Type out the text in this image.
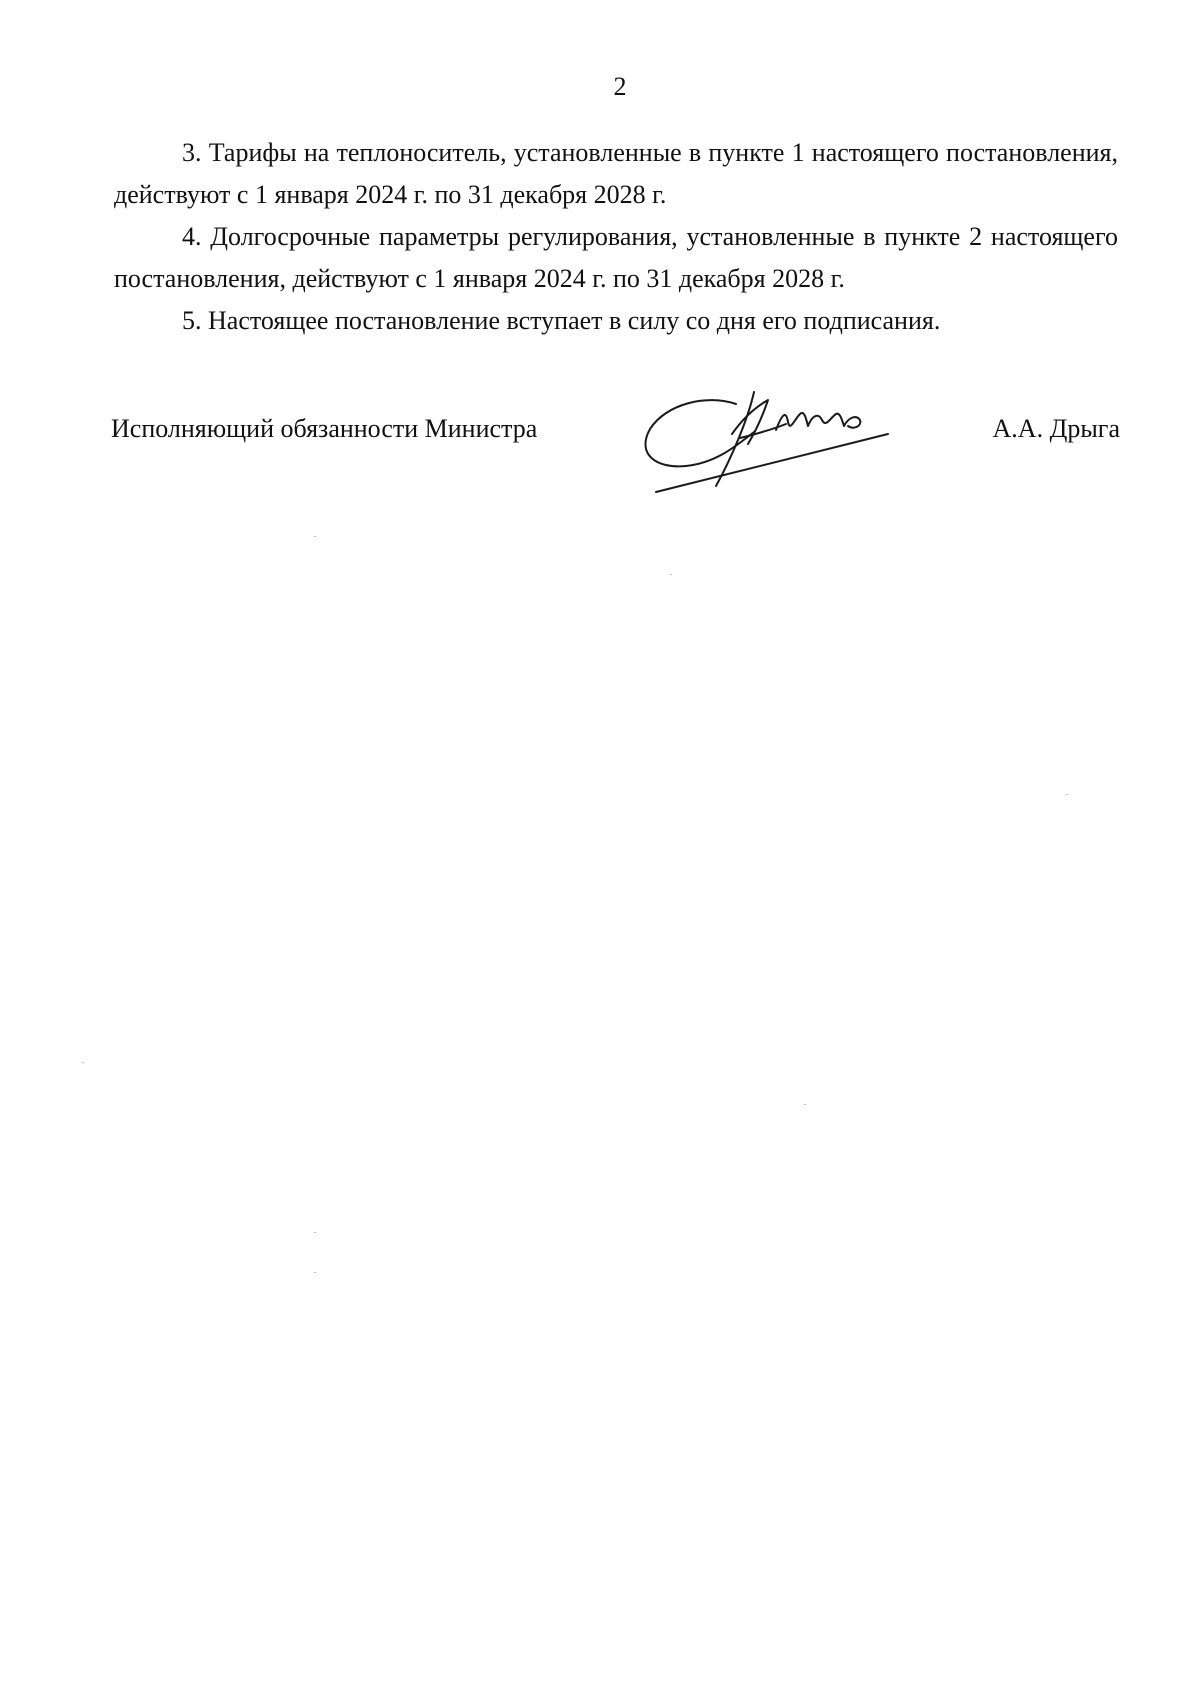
2

3. Тарифы на теплоноситель, установленные в пункте 1 настоящего постановления, действуют с 1 января 2024 г. по 31 декабря 2028 г.

4. Долгосрочные параметры регулирования, установленные в пункте 2 настоящего постановления, действуют с 1 января 2024 г. по 31 декабря 2028 г.

5. Настоящее постановление вступает в силу со дня его подписания.

Исполняющий обязанности Министра	А.А. Дрыга
